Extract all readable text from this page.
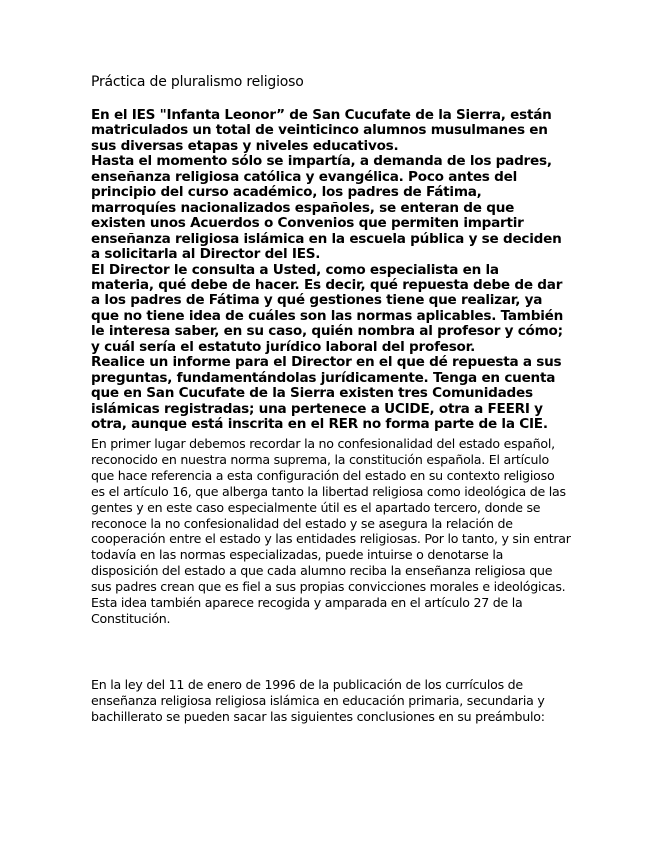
Práctica de pluralismo religioso

En el IES "Infanta Leonor” de San Cucufate de la Sierra, están matriculados un total de veinticinco alumnos musulmanes en sus diversas etapas y niveles educativos.

Hasta el momento sólo se impartía, a demanda de los padres, enseñanza religiosa católica y evangélica. Poco antes del principio del curso académico, los padres de Fátima, marroquíes nacionalizados españoles, se enteran de que existen unos Acuerdos o Convenios que permiten impartir enseñanza religiosa islámica en la escuela pública y se deciden a solicitarla al Director del IES.

El Director le consulta a Usted, como especialista en la materia, qué debe de hacer. Es decir, qué repuesta debe de dar a los padres de Fátima y qué gestiones tiene que realizar, ya que no tiene idea de cuáles son las normas aplicables. También le interesa saber, en su caso, quién nombra al profesor y cómo; y cuál sería el estatuto jurídico laboral del profesor.

Realice un informe para el Director en el que dé repuesta a sus preguntas, fundamentándolas jurídicamente. Tenga en cuenta que en San Cucufate de la Sierra existen tres Comunidades islámicas registradas; una pertenece a UCIDE, otra a FEERI y otra, aunque está inscrita en el RER no forma parte de la CIE.

En primer lugar debemos recordar la no confesionalidad del estado español, reconocido en nuestra norma suprema, la constitución española. El artículo que hace referencia a esta configuración del estado en su contexto religioso es el artículo 16, que alberga tanto la libertad religiosa como ideológica de las gentes y en este caso especialmente útil es el apartado tercero, donde se reconoce la no confesionalidad del estado y se asegura la relación de cooperación entre el estado y las entidades religiosas. Por lo tanto, y sin entrar todavía en las normas especializadas, puede intuirse o denotarse la disposición del estado a que cada alumno reciba la enseñanza religiosa que sus padres crean que es fiel a sus propias convicciones morales e ideológicas. Esta idea también aparece recogida y amparada en el artículo 27 de la Constitución.

En la ley del 11 de enero de 1996 de la publicación de los currículos de enseñanza religiosa religiosa islámica en educación primaria, secundaria y bachillerato se pueden sacar las siguientes conclusiones en su preámbulo:
